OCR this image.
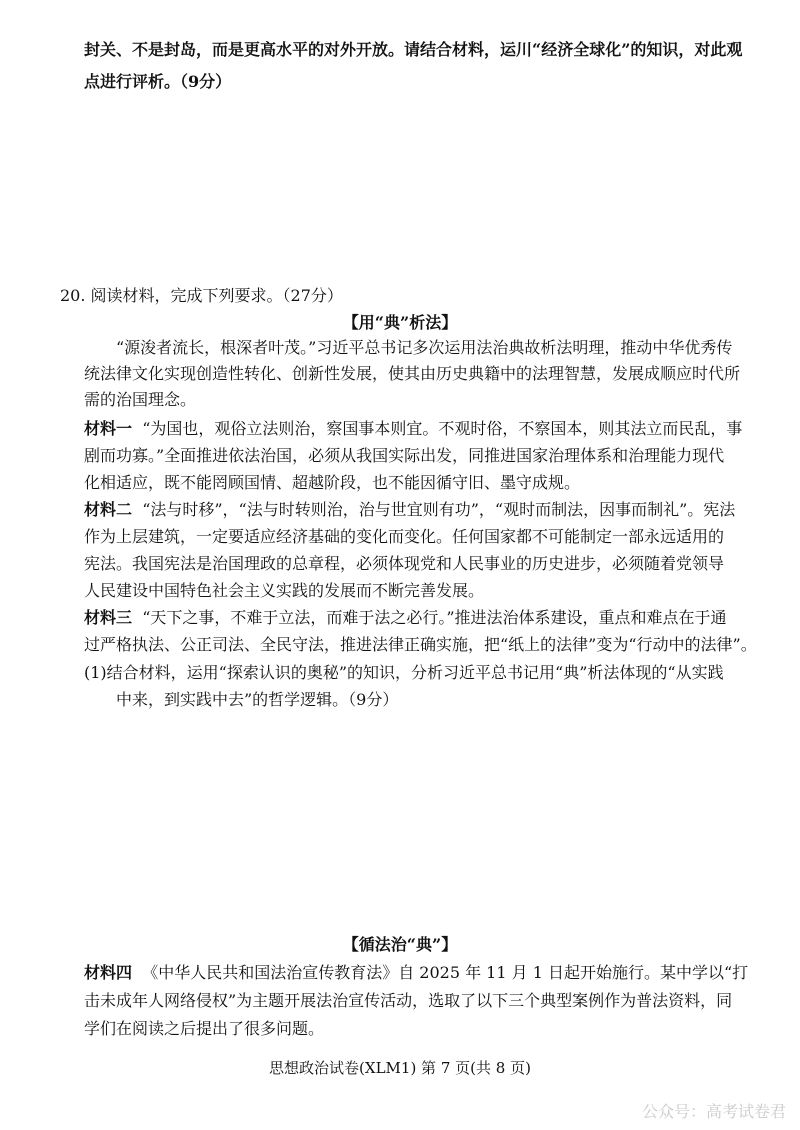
封关、不是封岛，而是更高水平的对外开放。请结合材料，运川“经济全球化”的知识，对此观
点进行评析。（9分）
20. 阅读材料，完成下列要求。（27分）
【用“典”析法】
“源浚者流长，根深者叶茂。”习近平总书记多次运用法治典故析法明理，推动中华优秀传
统法律文化实现创造性转化、创新性发展，使其由历史典籍中的法理智慧，发展成顺应时代所
需的治国理念。
材料一 “为国也，观俗立法则治，察国事本则宜。不观时俗，不察国本，则其法立而民乱，事
剧而功寡。”全面推进依法治国，必须从我国实际出发，同推进国家治理体系和治理能力现代
化相适应，既不能罔顾国情、超越阶段，也不能因循守旧、墨守成规。
材料二 “法与时移”，“法与时转则治，治与世宜则有功”，“观时而制法，因事而制礼”。宪法
作为上层建筑，一定要适应经济基础的变化而变化。任何国家都不可能制定一部永远适用的
宪法。我国宪法是治国理政的总章程，必须体现党和人民事业的历史进步，必须随着党领导
人民建设中国特色社会主义实践的发展而不断完善发展。
材料三 “天下之事，不难于立法，而难于法之必行。”推进法治体系建设，重点和难点在于通
过严格执法、公正司法、全民守法，推进法律正确实施，把“纸上的法律”变为“行动中的法律”。
(1)结合材料，运用“探索认识的奥秘”的知识，分析习近平总书记用“典”析法体现的“从实践
中来，到实践中去”的哲学逻辑。（9分）
【循法治“典”】
材料四 《中华人民共和国法治宣传教育法》自 2025 年 11 月 1 日起开始施行。某中学以“打
击未成年人网络侵权”为主题开展法治宣传活动，选取了以下三个典型案例作为普法资料，同
学们在阅读之后提出了很多问题。
思想政治试卷(XLM1) 第 7 页(共 8 页)
公众号：高考试卷君
